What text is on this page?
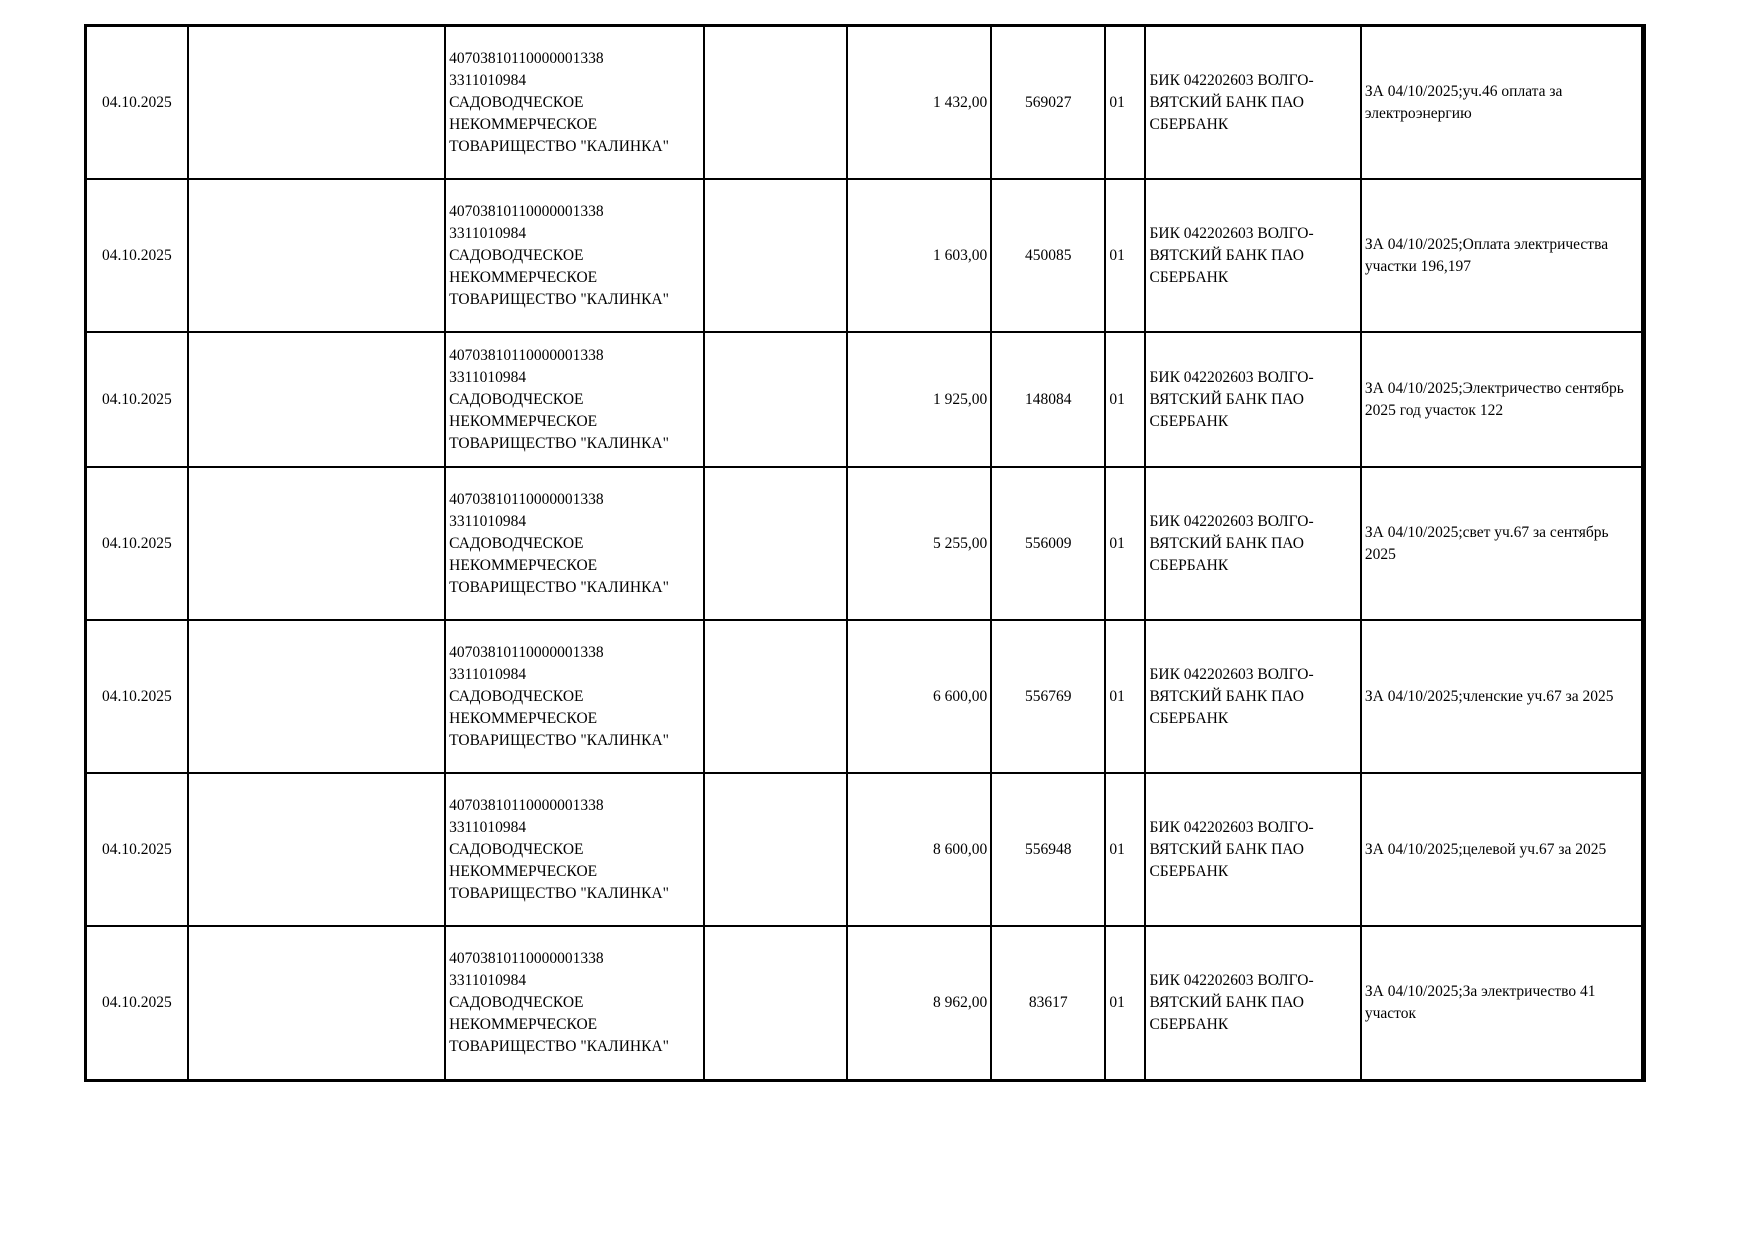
04.10.2025		40703810110000001338
3311010984
САДОВОДЧЕСКОЕ
НЕКОММЕРЧЕСКОЕ
ТОВАРИЩЕСТВО "КАЛИНКА"		1 432,00	569027	01	БИК 042202603 ВОЛГО-ВЯТСКИЙ БАНК ПАО СБЕРБАНК	ЗА 04/10/2025;уч.46 оплата за электроэнергию
04.10.2025		40703810110000001338
3311010984
САДОВОДЧЕСКОЕ
НЕКОММЕРЧЕСКОЕ
ТОВАРИЩЕСТВО "КАЛИНКА"		1 603,00	450085	01	БИК 042202603 ВОЛГО-ВЯТСКИЙ БАНК ПАО СБЕРБАНК	ЗА 04/10/2025;Оплата электричества участки 196,197
04.10.2025		40703810110000001338
3311010984
САДОВОДЧЕСКОЕ
НЕКОММЕРЧЕСКОЕ
ТОВАРИЩЕСТВО "КАЛИНКА"		1 925,00	148084	01	БИК 042202603 ВОЛГО-ВЯТСКИЙ БАНК ПАО СБЕРБАНК	ЗА 04/10/2025;Электричество сентябрь 2025 год участок 122
04.10.2025		40703810110000001338
3311010984
САДОВОДЧЕСКОЕ
НЕКОММЕРЧЕСКОЕ
ТОВАРИЩЕСТВО "КАЛИНКА"		5 255,00	556009	01	БИК 042202603 ВОЛГО-ВЯТСКИЙ БАНК ПАО СБЕРБАНК	ЗА 04/10/2025;свет уч.67 за сентябрь 2025
04.10.2025		40703810110000001338
3311010984
САДОВОДЧЕСКОЕ
НЕКОММЕРЧЕСКОЕ
ТОВАРИЩЕСТВО "КАЛИНКА"		6 600,00	556769	01	БИК 042202603 ВОЛГО-ВЯТСКИЙ БАНК ПАО СБЕРБАНК	ЗА 04/10/2025;членские уч.67 за 2025
04.10.2025		40703810110000001338
3311010984
САДОВОДЧЕСКОЕ
НЕКОММЕРЧЕСКОЕ
ТОВАРИЩЕСТВО "КАЛИНКА"		8 600,00	556948	01	БИК 042202603 ВОЛГО-ВЯТСКИЙ БАНК ПАО СБЕРБАНК	ЗА 04/10/2025;целевой уч.67 за 2025
04.10.2025		40703810110000001338
3311010984
САДОВОДЧЕСКОЕ
НЕКОММЕРЧЕСКОЕ
ТОВАРИЩЕСТВО "КАЛИНКА"		8 962,00	83617	01	БИК 042202603 ВОЛГО-ВЯТСКИЙ БАНК ПАО СБЕРБАНК	ЗА 04/10/2025;За электричество 41 участок
